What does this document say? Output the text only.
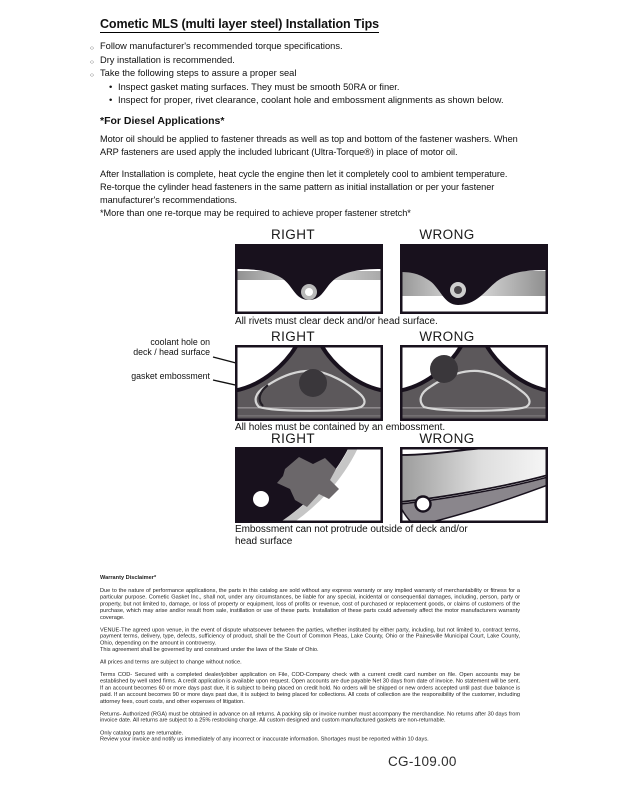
Cometic MLS (multi layer steel) Installation Tips
○ Follow manufacturer's recommended torque specifications.
○ Dry installation is recommended.
○ Take the following steps to assure a proper seal
• Inspect gasket mating surfaces. They must be smooth 50RA or finer.
• Inspect for proper, rivet clearance, coolant hole and embossment alignments as shown below.
*For Diesel Applications*
Motor oil should be applied to fastener threads as well as top and bottom of the fastener washers. When ARP fasteners are used apply the included lubricant (Ultra-Torque®) in place of motor oil.
After Installation is complete, heat cycle the engine then let it completely cool to ambient temperature. Re-torque the cylinder head fasteners in the same pattern as initial installation or per your fastener manufacturer's recommendations.
*More than one re-torque may be required to achieve proper fastener stretch*
RIGHT	WRONG
All rivets must clear deck and/or head surface.
RIGHT	WRONG
coolant hole on
deck / head surface
gasket embossment
All holes must be contained by an embossment.
RIGHT	WRONG
Embossment can not protrude outside of deck and/or head surface

Warranty Disclaimer*

Due to the nature of performance applications, the parts in this catalog are sold without any express warranty or any implied warranty of merchantability or fitness for a particular purpose. Cometic Gasket Inc., shall not, under any circumstances, be liable for any special, incidental or consequential damages, including, person, party or property, but not limited to, damage, or loss of property or equipment, loss of profits or revenue, cost of purchased or replacement goods, or claims of customers of the purchase, which may arise and/or result from sale, instillation or use of these parts. Installation of these parts could adversely affect the motor manufacturers warranty coverage.

VENUE-The agreed upon venue, in the event of dispute whatsoever between the parties, whether instituted by either party, including, but not limited to, contract terms, payment terms, delivery, type, defects, sufficiency of product, shall be the Court of Common Pleas, Lake County, Ohio or the Painesville Municipal Court, Lake County, Ohio, depending on the amount in controversy.

This agreement shall be governed by and construed under the laws of the State of Ohio.

All prices and terms are subject to change without notice.

Terms COD- Secured with a completed dealer/jobber application on File, COD-Company check with a current credit card number on file. Open accounts may be established by well rated firms. A credit application is available upon request. Open accounts are due payable Net 30 days from date of invoice. No statement will be sent. If an account becomes 60 or more days past due, it is subject to being placed on credit hold. No orders will be shipped or new orders accepted until past due balance is paid. If an account becomes 90 or more days past due, it is subject to being placed for collections. All costs of collection are the responsibility of the customer, including attorney fees, court costs, and other expenses of litigation.

Returns- Authorized (RGA) must be obtained in advance on all returns. A packing slip or invoice number must accompany the merchandise. No returns after 30 days from invoice date. All returns are subject to a 25% restocking charge. All custom designed and custom manufactured gaskets are non-returnable.

Only catalog parts are returnable.

Review your invoice and notify us immediately of any incorrect or inaccurate information. Shortages must be reported within 10 days.

CG-109.00
